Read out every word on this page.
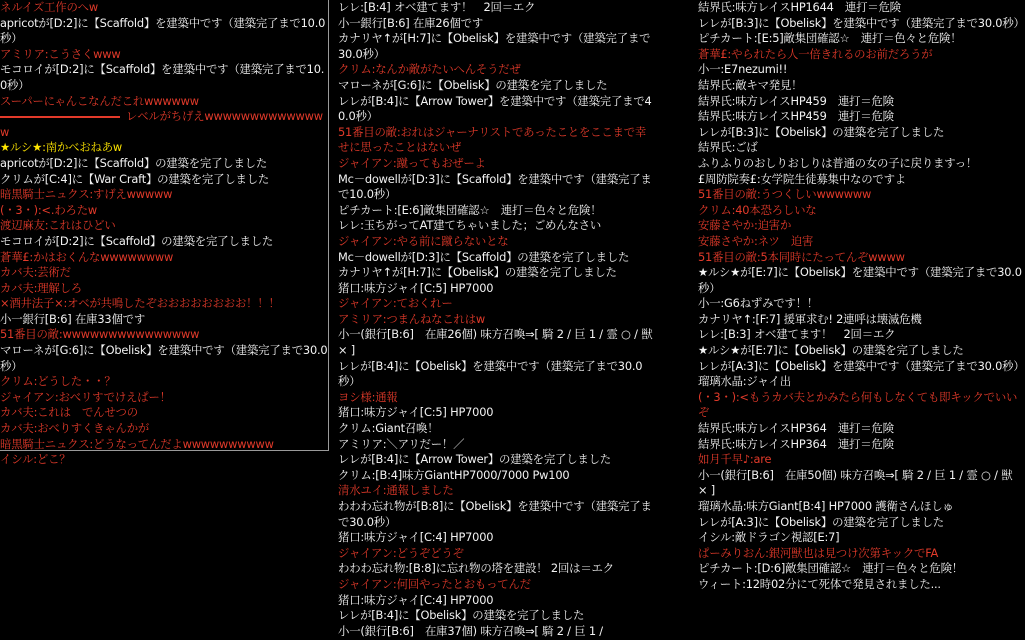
ネルイズ工作のへw
apricotが[D:2]に【Scaffold】を建築中です（建築完了まで10.0秒）
アミリア:こうさくwww
モコロイが[D:2]に【Scaffold】を建築中です（建築完了まで10.0秒）
スーパーにゃんこなんだこれwwwwww
レベルがちげえwwwwwwwwwwwwww
★ルシ★:南かべおねあw
apricotが[D:2]に【Scaffold】の建築を完了しました
クリムが[C:4]に【War Craft】の建築を完了しました
暗黒騎士ニュクス:すげえwwwww
(・3・):<.わろたw
渡辺麻友:これはひどい
モコロイが[D:2]に【Scaffold】の建築を完了しました
蒼華£:かはおくんなwwwwwwww
カバ夫:芸術だ
カバ夫:理解しろ
×酒井法子×:オベが共鳴したぞおおおおおおおお！！！
小一銀行[B:6] 在庫33個です
51番目の敵:wwwwwwwwwwwwwww
マローネが[G:6]に【Obelisk】を建築中です（建築完了まで30.0秒）
クリム:どうした・・？
ジャイアン:おべリすでけえぱー！
カバ夫:これは　でんせつの
カバ夫:おべりすくきゃんかが
暗黒騎士ニュクス:どうなってんだよwwwwwwwwww
イシル:どこ？
レレ:[B:4] オベ建てます！　2回＝エク
小一銀行[B:6] 在庫26個です
カナリヤ↑が[H:7]に【Obelisk】を建築中です（建築完了まで30.0秒）
クリム:なんか敵がたいへんそうだぜ
マローネが[G:6]に【Obelisk】の建築を完了しました
レレが[B:4]に【Arrow Tower】を建築中です（建築完了まで40.0秒）
51番目の敵:おれはジャーナリストであったことをここまで幸せに思ったことはないぜ
ジャイアン:蹴ってもおぜーよ
Mc－dowellが[D:3]に【Scaffold】を建築中です（建築完了まで10.0秒）
ピチカート:[E:6]敵集団確認☆　連打＝色々と危険！
レレ:玉ちがってAT建てちゃいました；ごめんなさい
ジャイアン:やる前に蹴らないとな
Mc－dowellが[D:3]に【Scaffold】の建築を完了しました
カナリヤ↑が[H:7]に【Obelisk】の建築を完了しました
猪口:味方ジャイ[C:5] HP7000
ジャイアン:ておくれー
アミリア:つまんねなこれはw
小一(銀行[B:6]　在庫26個) 味方召喚⇒[ 騎 2 / 巨 1 / 霊 ○ / 獣 × ]
レレが[B:4]に【Obelisk】を建築中です（建築完了まで30.0秒）
ヨシ様:通報
猪口:味方ジャイ[C:5] HP7000
クリム:Giant召喚！
アミリア:＼アリだー！／
レレが[B:4]に【Arrow Tower】の建築を完了しました
クリム:[B:4]味方GiantHP7000/7000 Pw100
清水ユイ:通報しました
わわわ忘れ物が[B:8]に【Obelisk】を建築中です（建築完了まで30.0秒）
猪口:味方ジャイ[C:4] HP7000
ジャイアン:どうぞどうぞ
わわわ忘れ物:[B:8]に忘れ物の塔を建設！ 2回は＝エク
ジャイアン:何回やったとおもってんだ
猪口:味方ジャイ[C:4] HP7000
レレが[B:4]に【Obelisk】の建築を完了しました
小一(銀行[B:6]　在庫37個) 味方召喚⇒[ 騎 2 / 巨 1 /
結界氏:味方レイスHP1644　連打＝危険
レレが[B:3]に【Obelisk】を建築中です（建築完了まで30.0秒）
ピチカート:[E:5]敵集団確認☆　連打＝色々と危険！
蒼華£:やられたら人一倍きれるのお前だろうが
小一:E7nezumi!!
結界氏:敵キマ発見！
結界氏:味方レイスHP459　連打＝危険
結界氏:味方レイスHP459　連打＝危険
レレが[B:3]に【Obelisk】の建築を完了しました
結界氏:ごば
ふりふりのおしりおしりは普通の女の子に戻りますっ！
£周防院奏£:女学院生徒募集中なのですよ
51番目の敵:うつくしいwwwwww
クリム:40本恐ろしいな
安藤さやか:迫害か
安藤さやか:ネツ　迫害
51番目の敵:5本同時にたってんぞwwww
★ルシ★が[E:7]に【Obelisk】を建築中です（建築完了まで30.0秒）
小一:G6ねずみです！！
カナリヤ↑:[F:7] 援軍求む! 2連呼は壊滅危機
レレ:[B:3] オベ建てます！　2回＝エク
★ルシ★が[E:7]に【Obelisk】の建築を完了しました
レレが[A:3]に【Obelisk】を建築中です（建築完了まで30.0秒）
瑠璃水晶:ジャイ出
(・3・):<もうカバ夫とかみたら何もしなくても即キックでいいぞ
結界氏:味方レイスHP364　連打＝危険
結界氏:味方レイスHP364　連打＝危険
如月千早♪:are
小一(銀行[B:6]　在庫50個) 味方召喚⇒[ 騎 2 / 巨 1 / 霊 ○ / 獣 × ]
瑠璃水晶:味方Giant[B:4] HP7000 護衛さんほしゅ
レレが[A:3]に【Obelisk】の建築を完了しました
イシル:敵ドラゴン視認[E:7]
ぱーみりおん:銀河獣也は見つけ次第キックでFA
ピチカート:[D:6]敵集団確認☆　連打＝色々と危険！
ウィート:12時02分にて死体で発見されました...
